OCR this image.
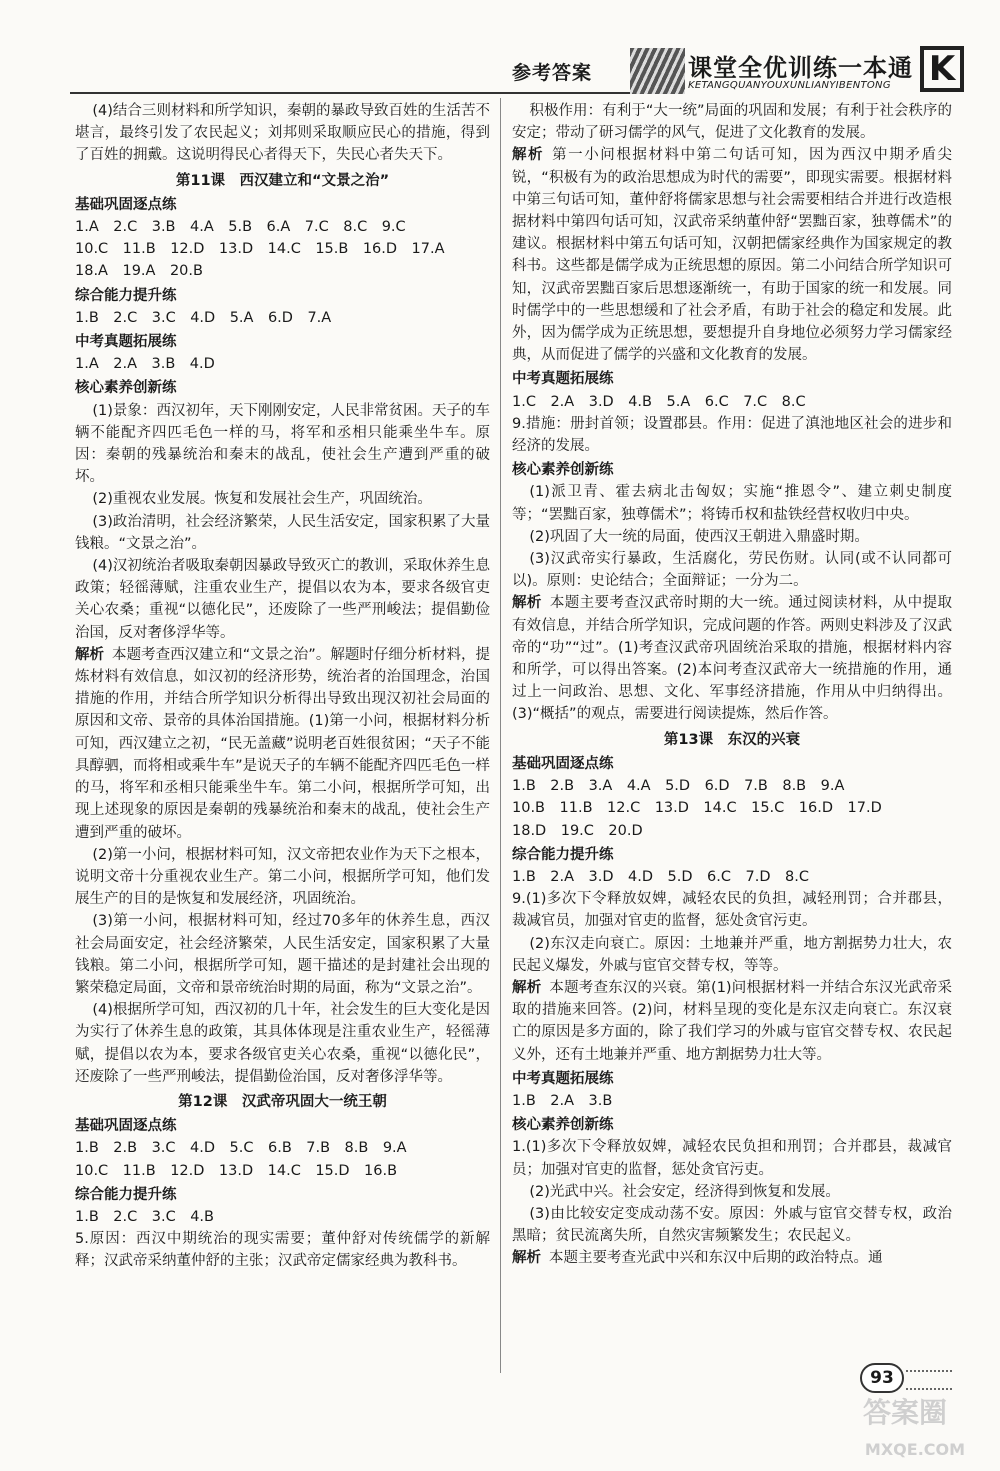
参考答案	课堂全优训练一本通
KETANGQUANYOUXUNLIANYIBENTONG K

(4)结合三则材料和所学知识，秦朝的暴政导致百姓的生活苦不堪言，最终引发了农民起义；刘邦则采取顺应民心的措施，得到了百姓的拥戴。这说明得民心者得天下，失民心者失天下。

第11课　西汉建立和“文景之治”

基础巩固逐点练

1.A　2.C　3.B　4.A　5.B　6.A　7.C　8.C　9.C

10.C　11.B　12.D　13.D　14.C　15.B　16.D　17.A

18.A　19.A　20.B

综合能力提升练

1.B　2.C　3.C　4.D　5.A　6.D　7.A

中考真题拓展练

1.A　2.A　3.B　4.D

核心素养创新练

(1)景象：西汉初年，天下刚刚安定，人民非常贫困。天子的车辆不能配齐四匹毛色一样的马，将军和丞相只能乘坐牛车。原因：秦朝的残暴统治和秦末的战乱，使社会生产遭到严重的破坏。

(2)重视农业发展。恢复和发展社会生产，巩固统治。

(3)政治清明，社会经济繁荣，人民生活安定，国家积累了大量钱粮。“文景之治”。

(4)汉初统治者吸取秦朝因暴政导致灭亡的教训，采取休养生息政策；轻徭薄赋，注重农业生产，提倡以农为本，要求各级官吏关心农桑；重视“以德化民”，还废除了一些严刑峻法；提倡勤俭治国，反对奢侈浮华等。

解析 本题考查西汉建立和“文景之治”。解题时仔细分析材料，提炼材料有效信息，如汉初的经济形势，统治者的治国理念，治国措施的作用，并结合所学知识分析得出导致出现汉初社会局面的原因和文帝、景帝的具体治国措施。(1)第一小问，根据材料分析可知，西汉建立之初，“民无盖藏”说明老百姓很贫困；“天子不能具醇驷，而将相或乘牛车”是说天子的车辆不能配齐四匹毛色一样的马，将军和丞相只能乘坐牛车。第二小问，根据所学可知，出现上述现象的原因是秦朝的残暴统治和秦末的战乱，使社会生产遭到严重的破坏。

(2)第一小问，根据材料可知，汉文帝把农业作为天下之根本，说明文帝十分重视农业生产。第二小问，根据所学可知，他们发展生产的目的是恢复和发展经济，巩固统治。

(3)第一小问，根据材料可知，经过70多年的休养生息，西汉社会局面安定，社会经济繁荣，人民生活安定，国家积累了大量钱粮。第二小问，根据所学可知，题干描述的是封建社会出现的繁荣稳定局面，文帝和景帝统治时期的局面，称为“文景之治”。

(4)根据所学可知，西汉初的几十年，社会发生的巨大变化是因为实行了休养生息的政策，其具体体现是注重农业生产，轻徭薄赋，提倡以农为本，要求各级官吏关心农桑，重视“以德化民”，还废除了一些严刑峻法，提倡勤俭治国，反对奢侈浮华等。

第12课　汉武帝巩固大一统王朝

基础巩固逐点练

1.B　2.B　3.C　4.D　5.C　6.B　7.B　8.B　9.A

10.C　11.B　12.D　13.D　14.C　15.D　16.B

综合能力提升练

1.B　2.C　3.C　4.B

5.原因：西汉中期统治的现实需要；董仲舒对传统儒学的新解释；汉武帝采纳董仲舒的主张；汉武帝定儒家经典为教科书。

积极作用：有利于“大一统”局面的巩固和发展；有利于社会秩序的安定；带动了研习儒学的风气，促进了文化教育的发展。

解析 第一小问根据材料中第二句话可知，因为西汉中期矛盾尖锐，“积极有为的政治思想成为时代的需要”，即现实需要。根据材料中第三句话可知，董仲舒将儒家思想与社会需要相结合并进行改造根据材料中第四句话可知，汉武帝采纳董仲舒“罢黜百家，独尊儒术”的建议。根据材料中第五句话可知，汉朝把儒家经典作为国家规定的教科书。这些都是儒学成为正统思想的原因。第二小问结合所学知识可知，汉武帝罢黜百家后思想逐渐统一，有助于国家的统一和发展。同时儒学中的一些思想缓和了社会矛盾，有助于社会的稳定和发展。此外，因为儒学成为正统思想，要想提升自身地位必须努力学习儒家经典，从而促进了儒学的兴盛和文化教育的发展。

中考真题拓展练

1.C　2.A　3.D　4.B　5.A　6.C　7.C　8.C

9.措施：册封首领；设置郡县。作用：促进了滇池地区社会的进步和经济的发展。

核心素养创新练

(1)派卫青、霍去病北击匈奴；实施“推恩令”、建立刺史制度等；“罢黜百家，独尊儒术”；将铸币权和盐铁经营权收归中央。

(2)巩固了大一统的局面，使西汉王朝进入鼎盛时期。

(3)汉武帝实行暴政，生活腐化，劳民伤财。认同(或不认同都可以)。原则：史论结合；全面辩证；一分为二。

解析 本题主要考查汉武帝时期的大一统。通过阅读材料，从中提取有效信息，并结合所学知识，完成问题的作答。两则史料涉及了汉武帝的“功”“过”。(1)考查汉武帝巩固统治采取的措施，根据材料内容和所学，可以得出答案。(2)本问考查汉武帝大一统措施的作用，通过上一问政治、思想、文化、军事经济措施，作用从中归纳得出。(3)“概括”的观点，需要进行阅读提炼，然后作答。

第13课　东汉的兴衰

基础巩固逐点练

1.B　2.B　3.A　4.A　5.D　6.D　7.B　8.B　9.A

10.B　11.B　12.C　13.D　14.C　15.C　16.D　17.D

18.D　19.C　20.D

综合能力提升练

1.B　2.A　3.D　4.D　5.D　6.C　7.D　8.C

9.(1)多次下令释放奴婢，减轻农民的负担，减轻刑罚；合并郡县，裁减官员，加强对官吏的监督，惩处贪官污吏。

(2)东汉走向衰亡。原因：土地兼并严重，地方割据势力壮大，农民起义爆发，外戚与宦官交替专权，等等。

解析 本题考查东汉的兴衰。第(1)问根据材料一并结合东汉光武帝采取的措施来回答。(2)问，材料呈现的变化是东汉走向衰亡。东汉衰亡的原因是多方面的，除了我们学习的外戚与宦官交替专权、农民起义外，还有土地兼并严重、地方割据势力壮大等。

中考真题拓展练

1.B　2.A　3.B

核心素养创新练

1.(1)多次下令释放奴婢，减轻农民负担和刑罚；合并郡县，裁减官员；加强对官吏的监督，惩处贪官污吏。

(2)光武中兴。社会安定，经济得到恢复和发展。

(3)由比较安定变成动荡不安。原因：外戚与宦官交替专权，政治黑暗；贫民流离失所，自然灾害频繁发生；农民起义。

解析 本题主要考查光武中兴和东汉中后期的政治特点。通

93
答案圈
MXQE.COM
